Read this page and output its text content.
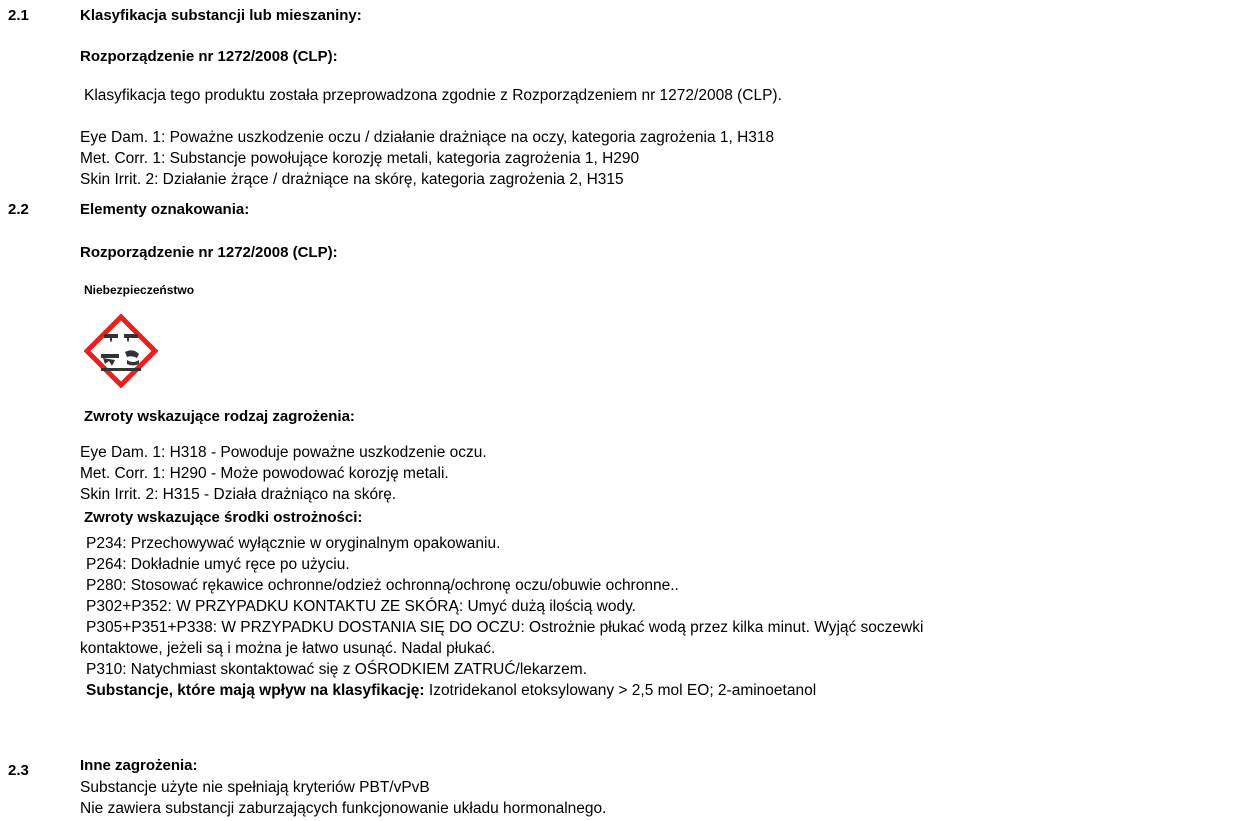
2.1	Klasyfikacja substancji lub mieszaniny:
Rozporządzenie nr 1272/2008 (CLP):
Klasyfikacja tego produktu została przeprowadzona zgodnie z Rozporządzeniem nr 1272/2008 (CLP).
Eye Dam. 1: Poważne uszkodzenie oczu / działanie drażniące na oczy, kategoria zagrożenia 1, H318
Met. Corr. 1: Substancje powołujące korozję metali, kategoria zagrożenia 1, H290
Skin Irrit. 2: Działanie żrące / drażniące na skórę, kategoria zagrożenia 2, H315
2.2	Elementy oznakowania:
Rozporządzenie nr 1272/2008 (CLP):
Niebezpieczeństwo
Zwroty wskazujące rodzaj zagrożenia:
Eye Dam. 1: H318 - Powoduje poważne uszkodzenie oczu.
Met. Corr. 1: H290 - Może powodować korozję metali.
Skin Irrit. 2: H315 - Działa drażniąco na skórę.
Zwroty wskazujące środki ostrożności:
P234: Przechowywać wyłącznie w oryginalnym opakowaniu.
P264: Dokładnie umyć ręce po użyciu.
P280: Stosować rękawice ochronne/odzież ochronną/ochronę oczu/obuwie ochronne..
P302+P352: W PRZYPADKU KONTAKTU ZE SKÓRĄ: Umyć dużą ilością wody.
P305+P351+P338: W PRZYPADKU DOSTANIA SIĘ DO OCZU: Ostrożnie płukać wodą przez kilka minut. Wyjąć soczewki
kontaktowe, jeżeli są i można je łatwo usunąć. Nadal płukać.
P310: Natychmiast skontaktować się z OŚRODKIEM ZATRUĆ/lekarzem.
Substancje, które mają wpływ na klasyfikację: Izotridekanol etoksylowany > 2,5 mol EO; 2-aminoetanol
2.3	Inne zagrożenia:
Substancje użyte nie spełniają kryteriów PBT/vPvB
Nie zawiera substancji zaburzających funkcjonowanie układu hormonalnego.
